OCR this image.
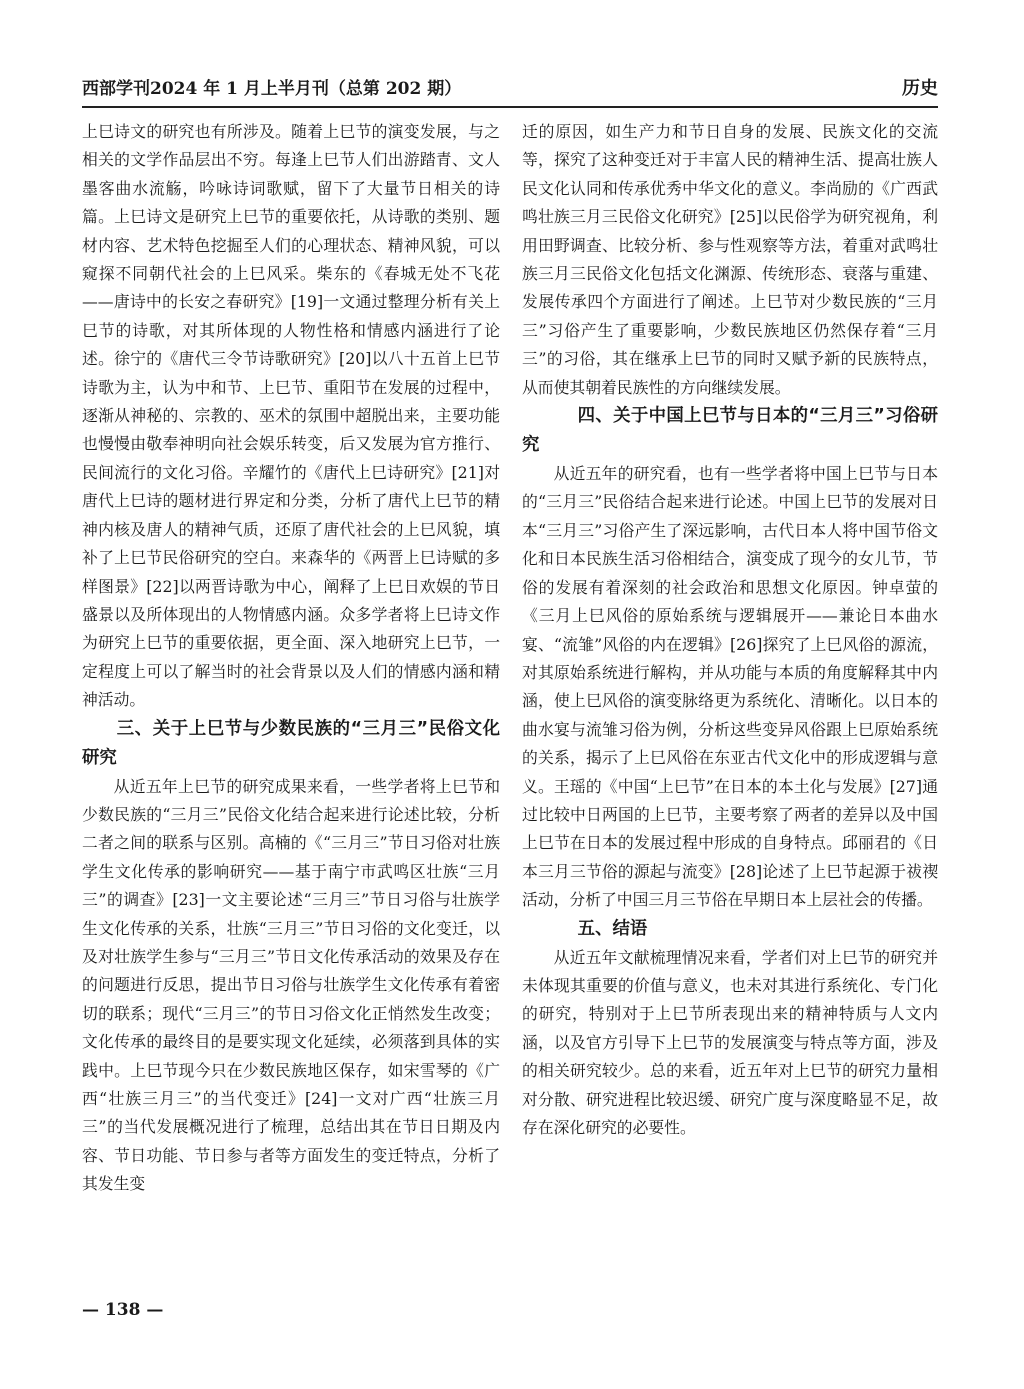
西部学刊2024 年 1 月上半月刊（总第 202 期）	历史

上巳诗文的研究也有所涉及。随着上巳节的演变发展，与之相关的文学作品层出不穷。每逢上巳节人们出游踏青、文人墨客曲水流觞，吟咏诗词歌赋，留下了大量节日相关的诗篇。上巳诗文是研究上巳节的重要依托，从诗歌的类别、题材内容、艺术特色挖掘至人们的心理状态、精神风貌，可以窥探不同朝代社会的上巳风采。柴东的《春城无处不飞花——唐诗中的长安之春研究》[19]一文通过整理分析有关上巳节的诗歌，对其所体现的人物性格和情感内涵进行了论述。徐宁的《唐代三令节诗歌研究》[20]以八十五首上巳节诗歌为主，认为中和节、上巳节、重阳节在发展的过程中，逐渐从神秘的、宗教的、巫术的氛围中超脱出来，主要功能也慢慢由敬奉神明向社会娱乐转变，后又发展为官方推行、民间流行的文化习俗。辛耀竹的《唐代上巳诗研究》[21]对唐代上巳诗的题材进行界定和分类，分析了唐代上巳节的精神内核及唐人的精神气质，还原了唐代社会的上巳风貌，填补了上巳节民俗研究的空白。来森华的《两晋上巳诗赋的多样图景》[22]以两晋诗歌为中心，阐释了上巳日欢娱的节日盛景以及所体现出的人物情感内涵。众多学者将上巳诗文作为研究上巳节的重要依据，更全面、深入地研究上巳节，一定程度上可以了解当时的社会背景以及人们的情感内涵和精神活动。

三、关于上巳节与少数民族的“三月三”民俗文化研究

从近五年上巳节的研究成果来看，一些学者将上巳节和少数民族的“三月三”民俗文化结合起来进行论述比较，分析二者之间的联系与区别。高楠的《“三月三”节日习俗对壮族学生文化传承的影响研究——基于南宁市武鸣区壮族“三月三”的调查》[23]一文主要论述“三月三”节日习俗与壮族学生文化传承的关系，壮族“三月三”节日习俗的文化变迁，以及对壮族学生参与“三月三”节日文化传承活动的效果及存在的问题进行反思，提出节日习俗与壮族学生文化传承有着密切的联系；现代“三月三”的节日习俗文化正悄然发生改变；文化传承的最终目的是要实现文化延续，必须落到具体的实践中。上巳节现今只在少数民族地区保存，如宋雪琴的《广西“壮族三月三”的当代变迁》[24]一文对广西“壮族三月三”的当代发展概况进行了梳理，总结出其在节日日期及内容、节日功能、节日参与者等方面发生的变迁特点，分析了其发生变

迁的原因，如生产力和节日自身的发展、民族文化的交流等，探究了这种变迁对于丰富人民的精神生活、提高壮族人民文化认同和传承优秀中华文化的意义。李尚励的《广西武鸣壮族三月三民俗文化研究》[25]以民俗学为研究视角，利用田野调查、比较分析、参与性观察等方法，着重对武鸣壮族三月三民俗文化包括文化渊源、传统形态、衰落与重建、发展传承四个方面进行了阐述。上巳节对少数民族的“三月三”习俗产生了重要影响，少数民族地区仍然保存着“三月三”的习俗，其在继承上巳节的同时又赋予新的民族特点，从而使其朝着民族性的方向继续发展。

四、关于中国上巳节与日本的“三月三”习俗研究

从近五年的研究看，也有一些学者将中国上巳节与日本的“三月三”民俗结合起来进行论述。中国上巳节的发展对日本“三月三”习俗产生了深远影响，古代日本人将中国节俗文化和日本民族生活习俗相结合，演变成了现今的女儿节，节俗的发展有着深刻的社会政治和思想文化原因。钟卓萤的《三月上巳风俗的原始系统与逻辑展开——兼论日本曲水宴、“流雏”风俗的内在逻辑》[26]探究了上巳风俗的源流，对其原始系统进行解构，并从功能与本质的角度解释其中内涵，使上巳风俗的演变脉络更为系统化、清晰化。以日本的曲水宴与流雏习俗为例，分析这些变异风俗跟上巳原始系统的关系，揭示了上巳风俗在东亚古代文化中的形成逻辑与意义。王瑶的《中国“上巳节”在日本的本土化与发展》[27]通过比较中日两国的上巳节，主要考察了两者的差异以及中国上巳节在日本的发展过程中形成的自身特点。邱丽君的《日本三月三节俗的源起与流变》[28]论述了上巳节起源于祓禊活动，分析了中国三月三节俗在早期日本上层社会的传播。

五、结语

从近五年文献梳理情况来看，学者们对上巳节的研究并未体现其重要的价值与意义，也未对其进行系统化、专门化的研究，特别对于上巳节所表现出来的精神特质与人文内涵，以及官方引导下上巳节的发展演变与特点等方面，涉及的相关研究较少。总的来看，近五年对上巳节的研究力量相对分散、研究进程比较迟缓、研究广度与深度略显不足，故存在深化研究的必要性。

— 138 —
